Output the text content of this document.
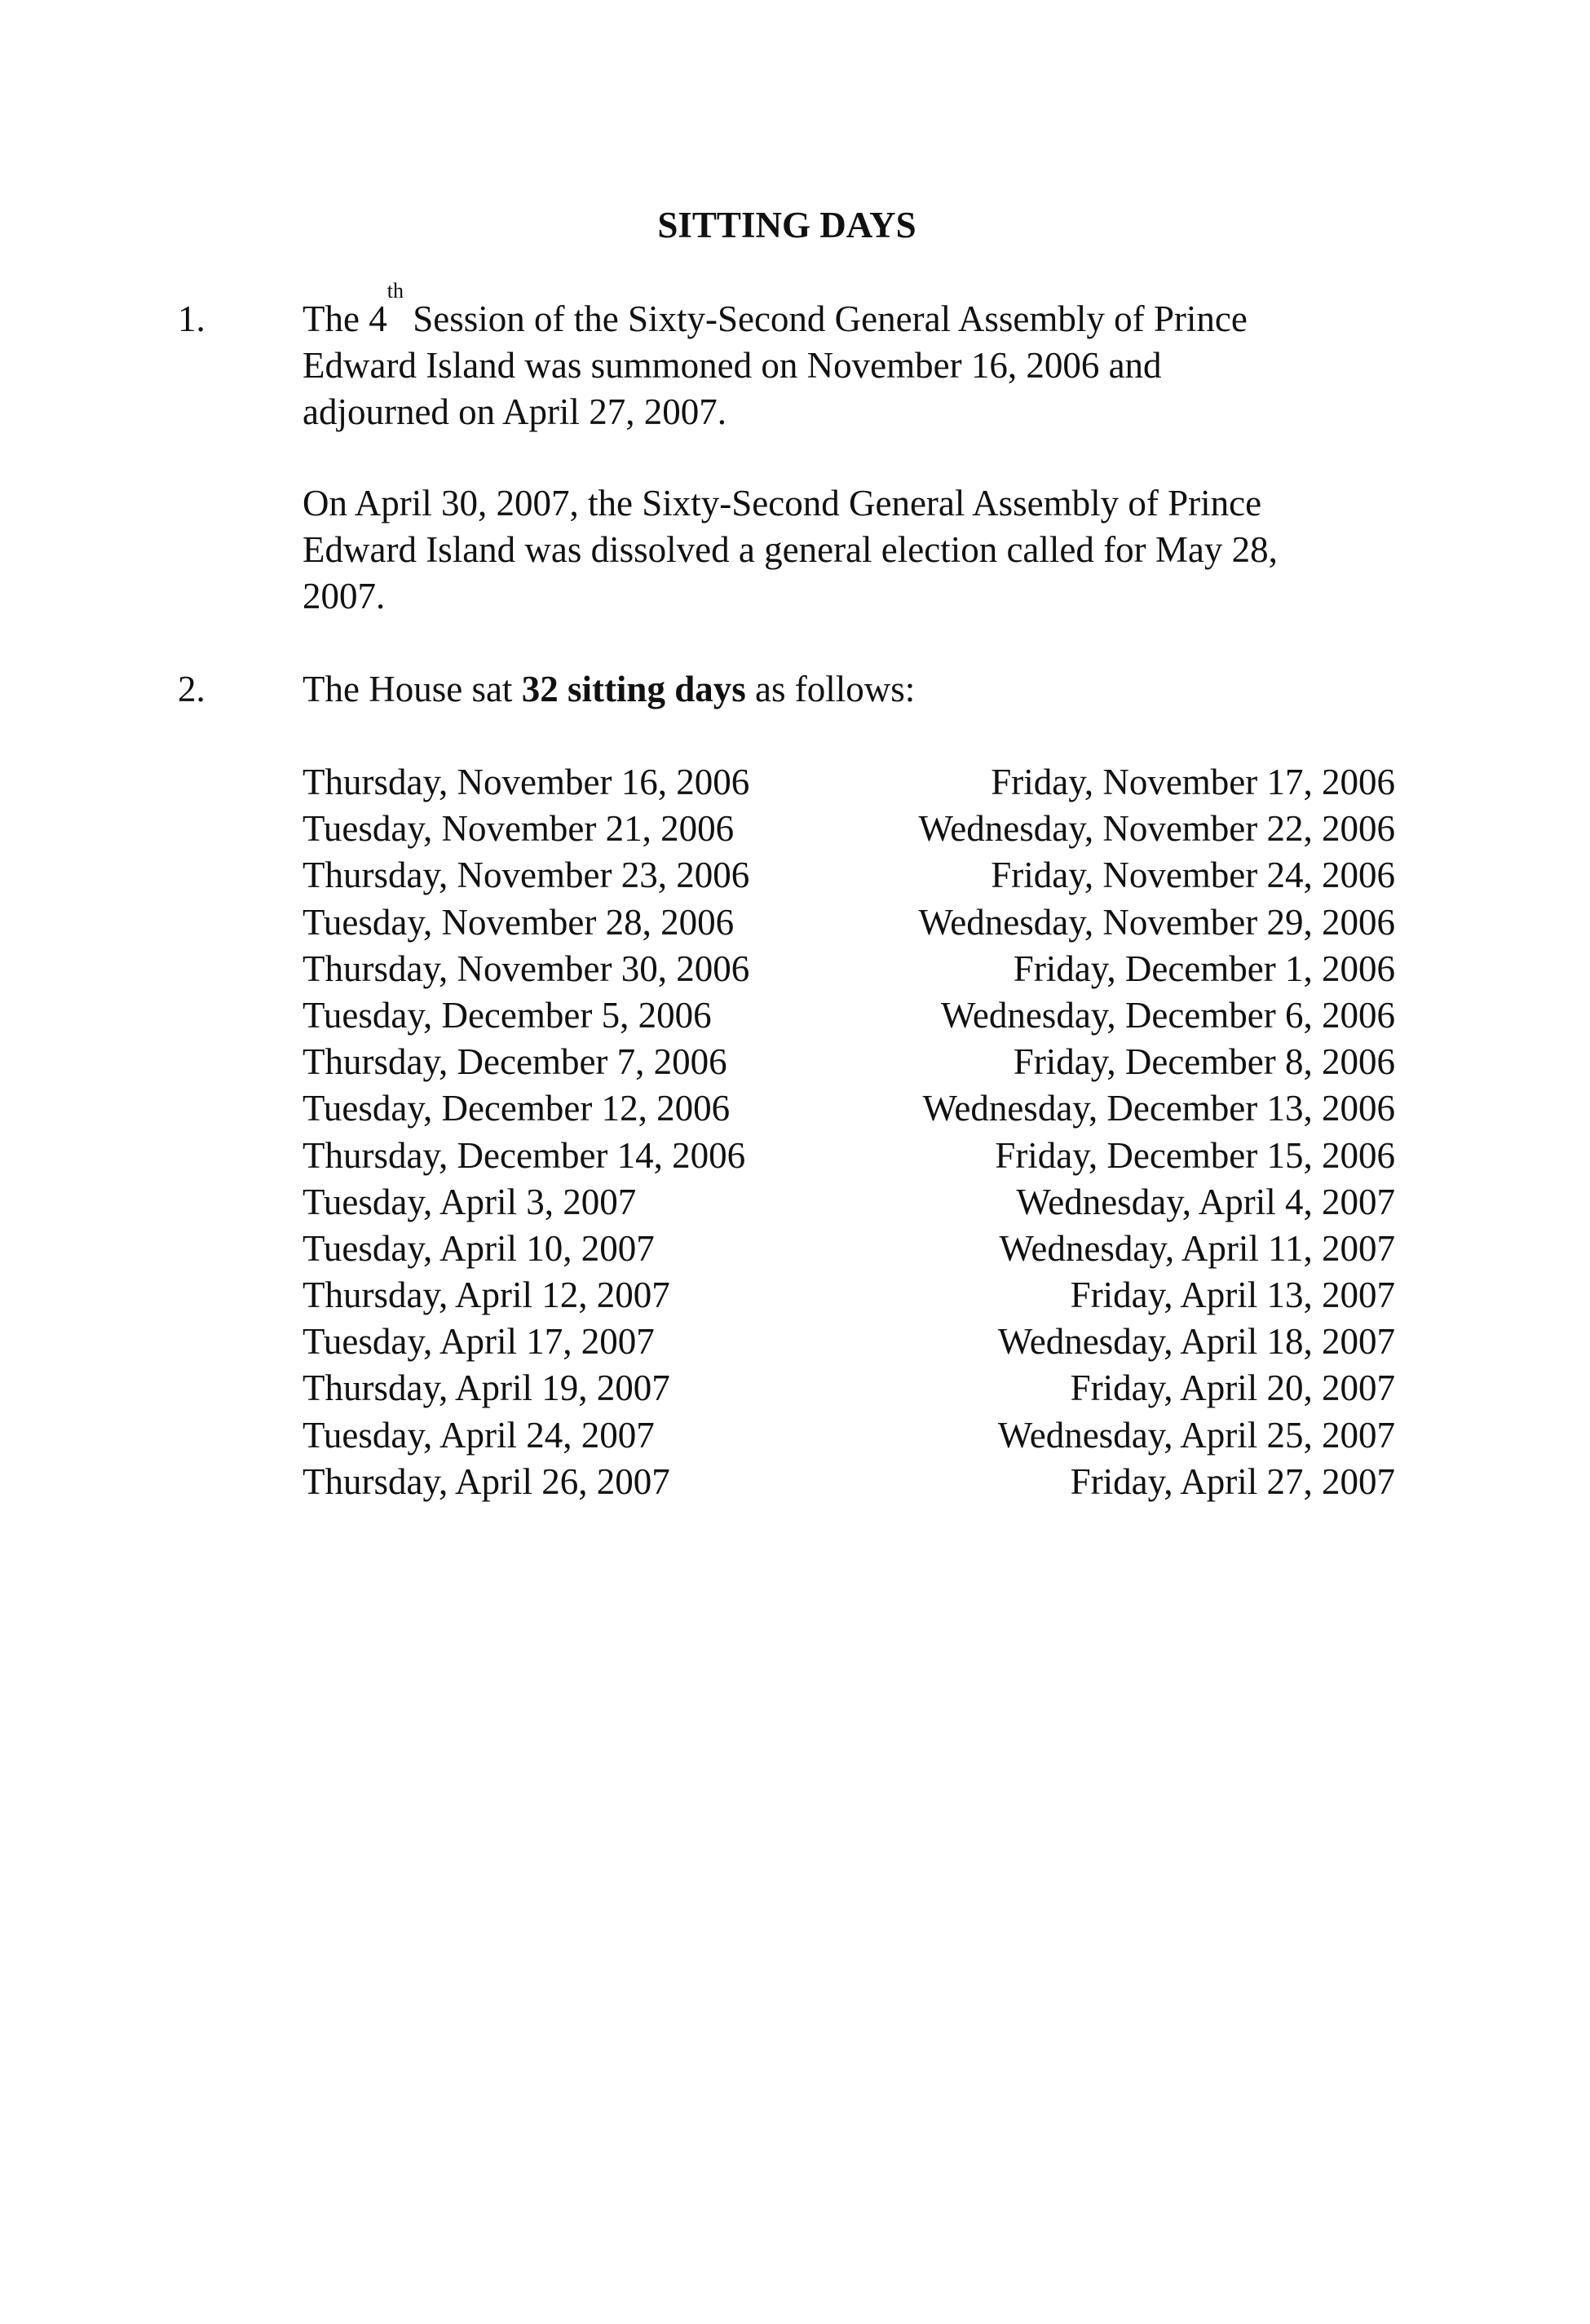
SITTING DAYS
1.	The 4th Session of the Sixty-Second General Assembly of Prince
Edward Island was summoned on November 16, 2006 and
adjourned on April 27, 2007.
On April 30, 2007, the Sixty-Second General Assembly of Prince
Edward Island was dissolved a general election called for May 28,
2007.
2.	The House sat 32 sitting days as follows:
Thursday, November 16, 2006	Friday, November 17, 2006
Tuesday, November 21, 2006	Wednesday, November 22, 2006
Thursday, November 23, 2006	Friday, November 24, 2006
Tuesday, November 28, 2006	Wednesday, November 29, 2006
Thursday, November 30, 2006	Friday, December 1, 2006
Tuesday, December 5, 2006	Wednesday, December 6, 2006
Thursday, December 7, 2006	Friday, December 8, 2006
Tuesday, December 12, 2006	Wednesday, December 13, 2006
Thursday, December 14, 2006	Friday, December 15, 2006
Tuesday, April 3, 2007	Wednesday, April 4, 2007
Tuesday, April 10, 2007	Wednesday, April 11, 2007
Thursday, April 12, 2007	Friday, April 13, 2007
Tuesday, April 17, 2007	Wednesday, April 18, 2007
Thursday, April 19, 2007	Friday, April 20, 2007
Tuesday, April 24, 2007	Wednesday, April 25, 2007
Thursday, April 26, 2007	Friday, April 27, 2007
